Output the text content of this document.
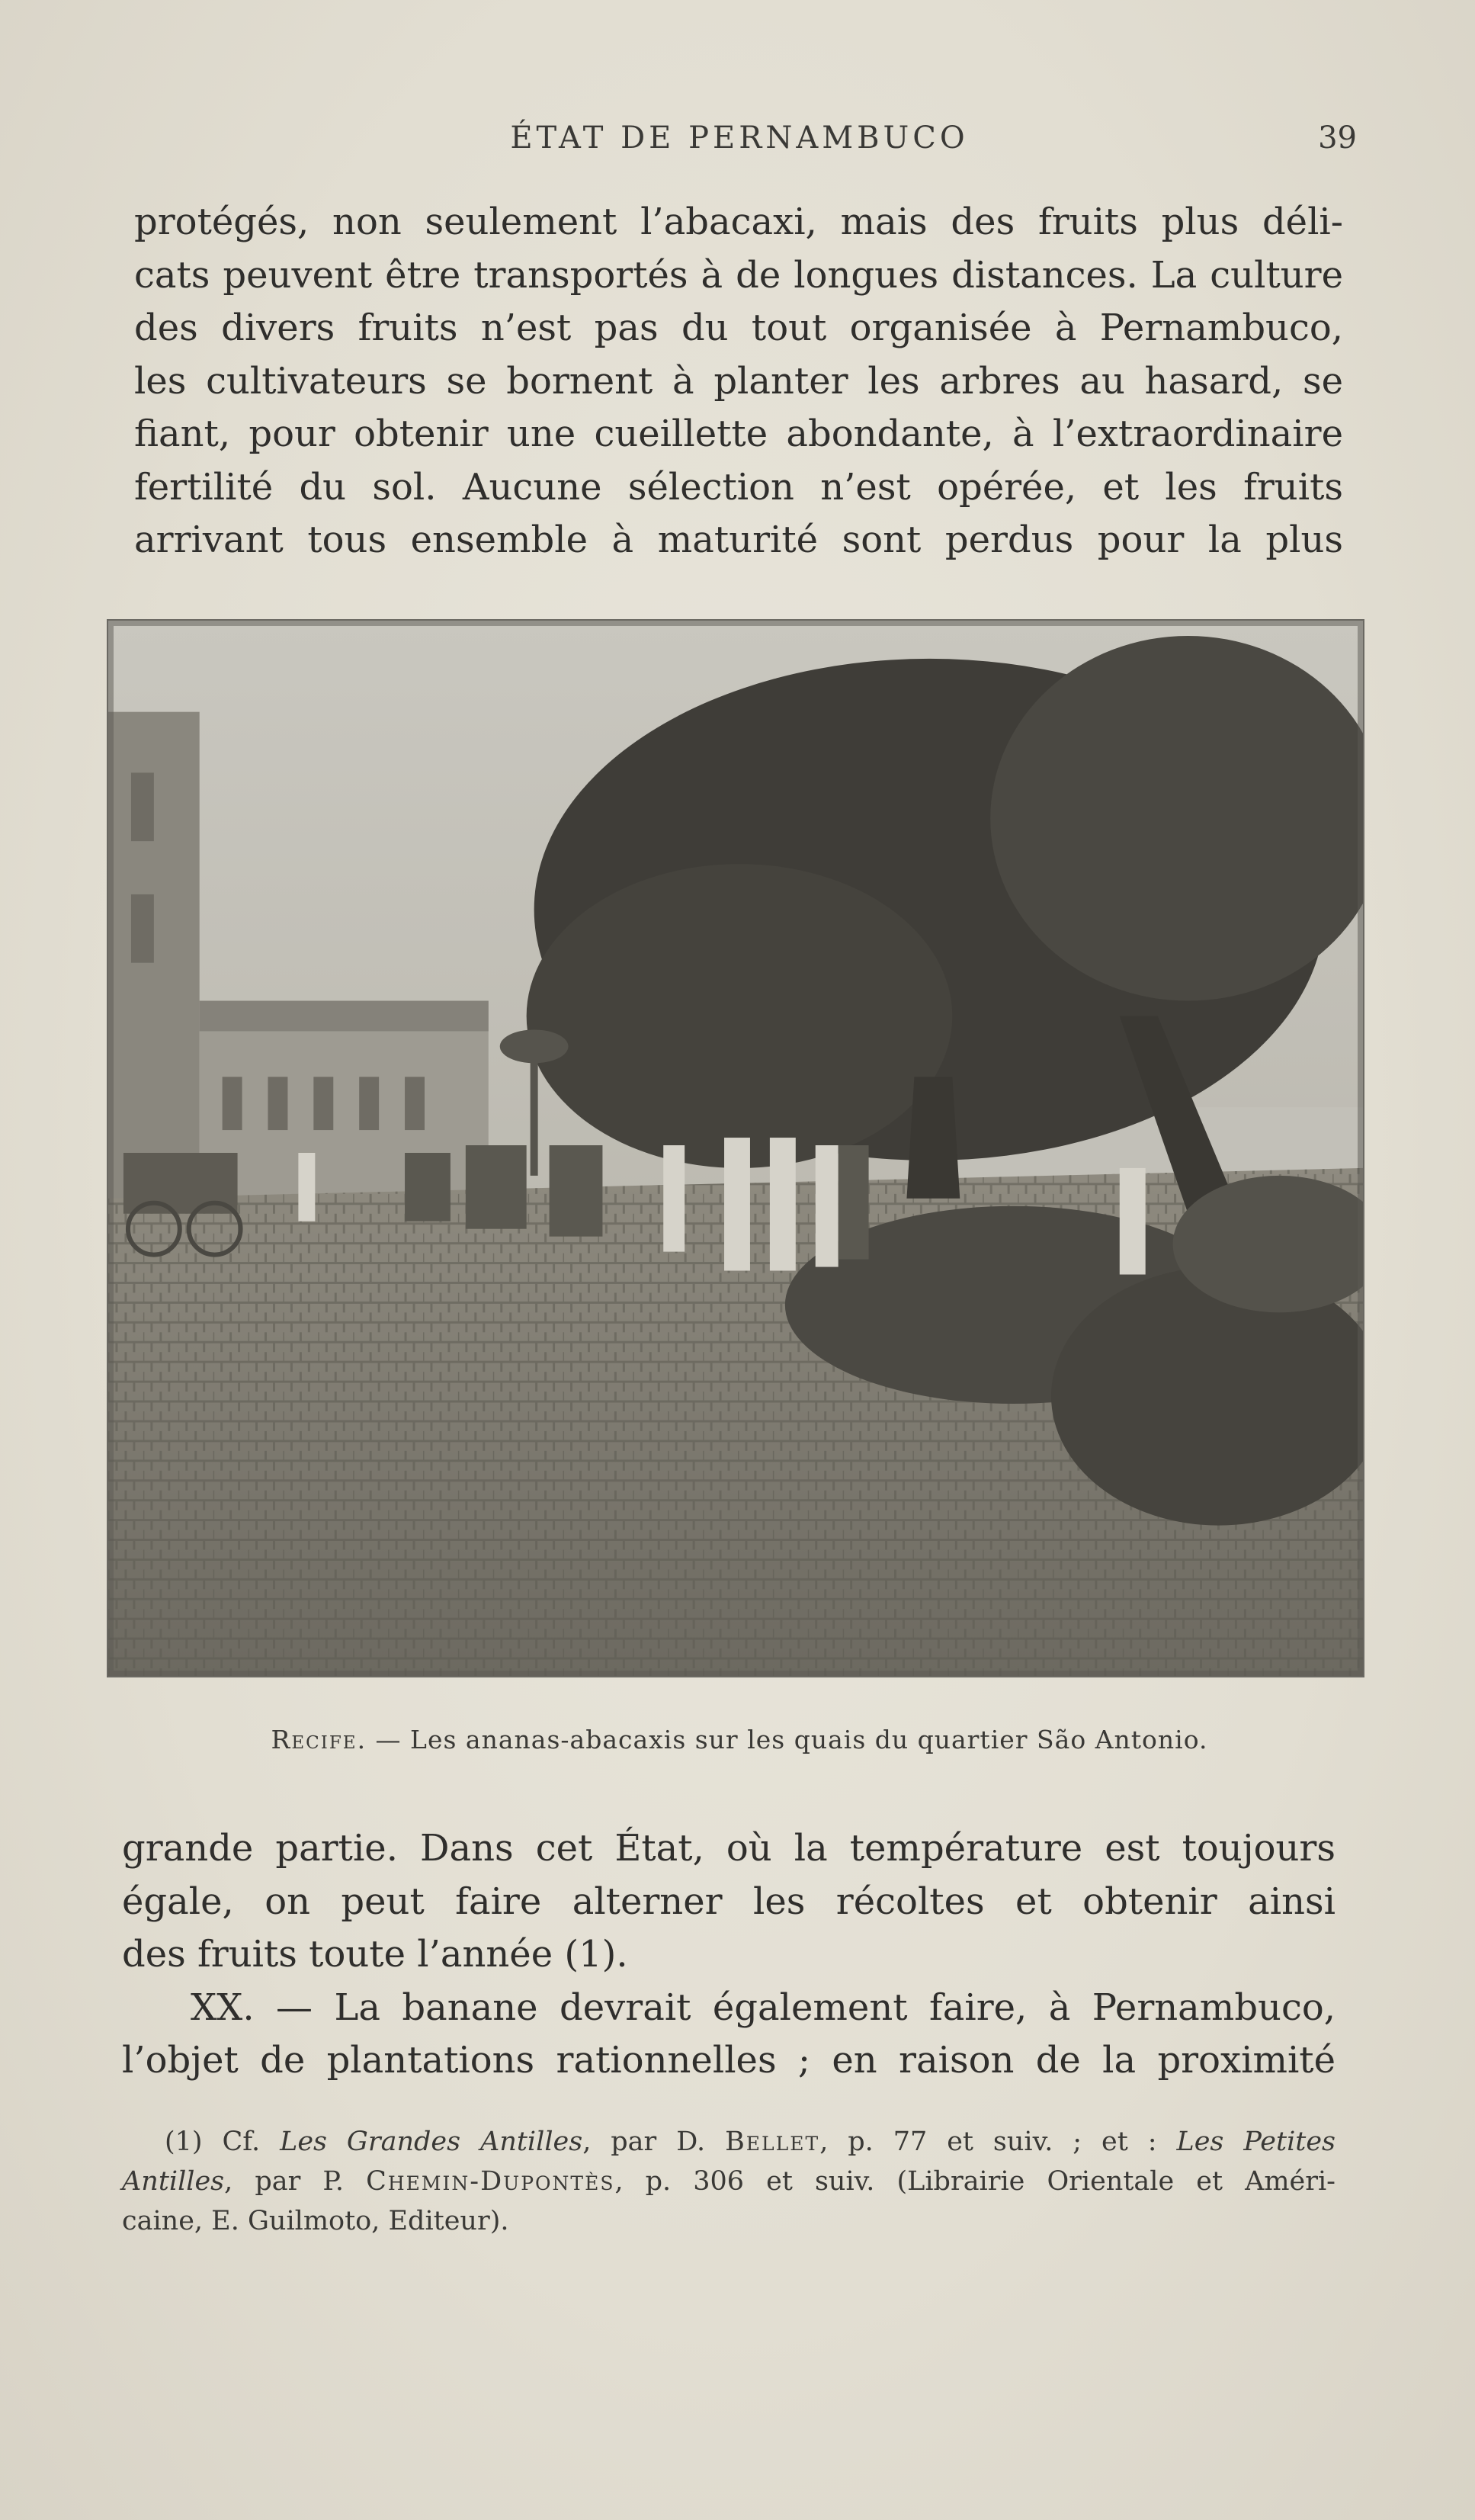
ÉTAT DE PERNAMBUCO	39
protégés, non seulement l’abacaxi, mais des fruits plus déli-
cats peuvent être transportés à de longues distances. La culture
des divers fruits n’est pas du tout organisée à Pernambuco,
les cultivateurs se bornent à planter les arbres au hasard, se
fiant, pour obtenir une cueillette abondante, à l’extraordinaire
fertilité du sol. Aucune sélection n’est opérée, et les fruits
arrivant tous ensemble à maturité sont perdus pour la plus
Recife. — Les ananas-abacaxis sur les quais du quartier São Antonio.
grande partie. Dans cet État, où la température est toujours
égale, on peut faire alterner les récoltes et obtenir ainsi
des fruits toute l’année (1).
XX. — La banane devrait également faire, à Pernambuco,
l’objet de plantations rationnelles ; en raison de la proximité
(1) Cf. Les Grandes Antilles, par D. Bellet, p. 77 et suiv. ; et : Les Petites
Antilles, par P. Chemin-Dupontès, p. 306 et suiv. (Librairie Orientale et Améri-
caine, E. Guilmoto, Editeur).
